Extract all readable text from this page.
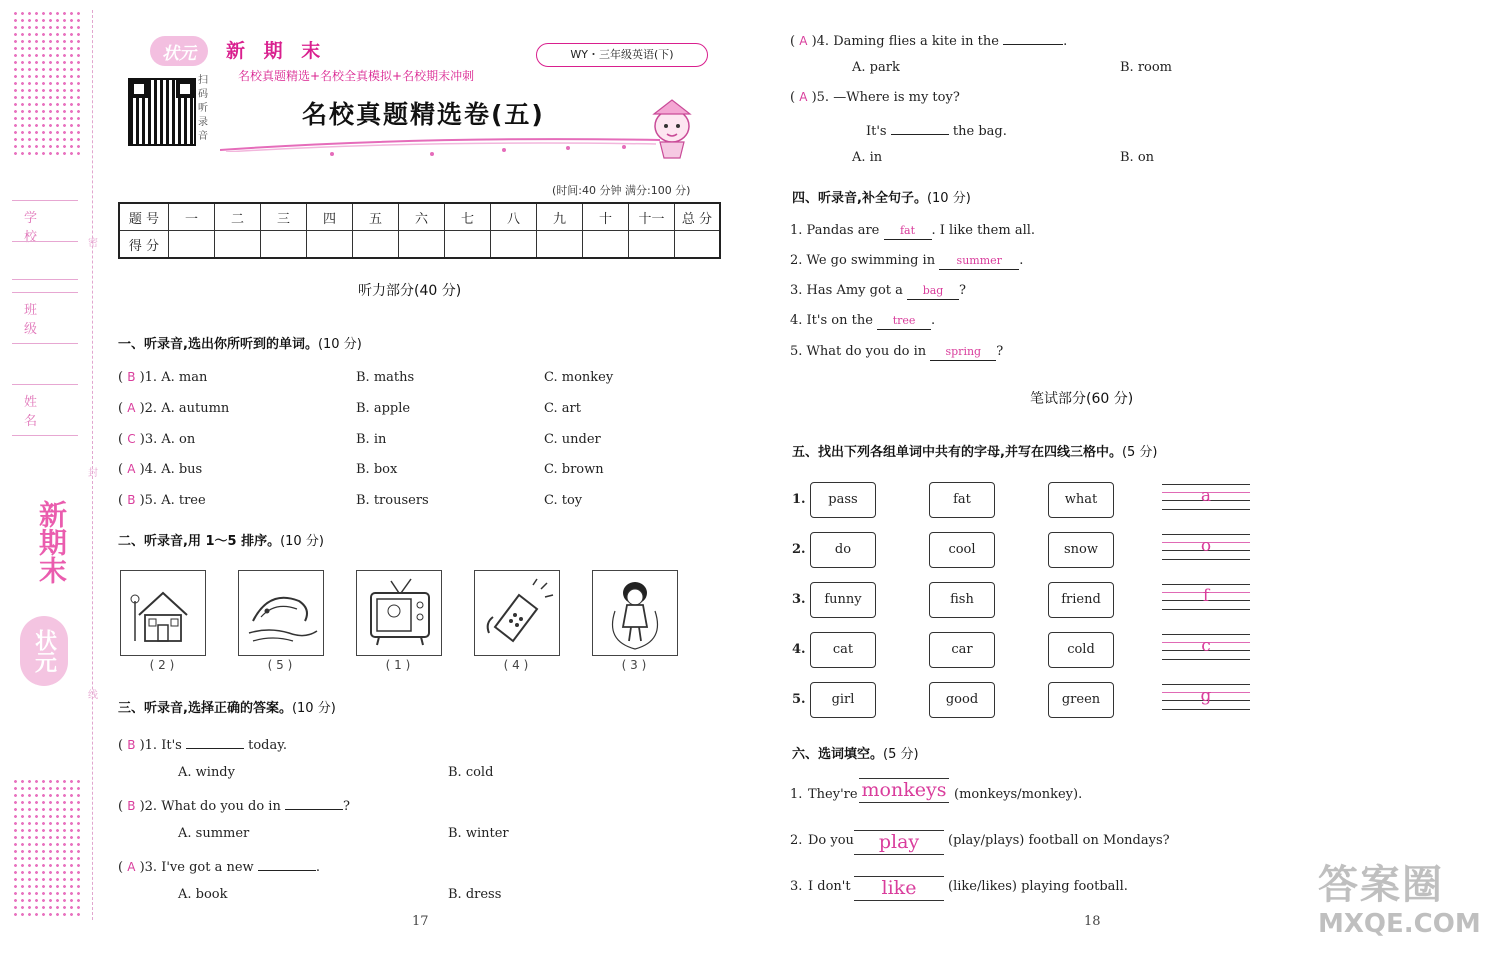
学 校
班 级
姓 名
密
封
线
新期末
状元
状元	新 期 末
扫码听录音
名校真题精选+名校全真模拟+名校期末冲刺
WY・三年级英语(下)
名校真题精选卷(五)
(时间:40 分钟 满分:100 分)
题 号	一	二	三	四	五	六	七	八	九	十	十一	总 分
得 分												
听力部分(40 分)
一、听录音,选出你所听到的单词。(10 分)
( B )1. A. man	B. maths	C. monkey
( A )2. A. autumn	B. apple	C. art
( C )3. A. on	B. in	C. under
( A )4. A. bus	B. box	C. brown
( B )5. A. tree	B. trousers	C. toy
二、听录音,用 1～5 排序。(10 分)
( 2 )	( 5 )	( 1 )	( 4 )	( 3 )
三、听录音,选择正确的答案。(10 分)
( B )1. It's	today.
A. windy	B. cold
( B )2. What do you do in	?
A. summer	B. winter
( A )3. I've got a new	.
A. book	B. dress
17
( A )4. Daming flies a kite in the	.
A. park	B. room
( A )5. —Where is my toy?
It's	the bag.
A. in	B. on
四、听录音,补全句子。(10 分)
1. Pandas are fat . I like them all.
2. We go swimming in summer .
3. Has Amy got a bag ?
4. It's on the tree .
5. What do you do in spring ?
笔试部分(60 分)
五、找出下列各组单词中共有的字母,并写在四线三格中。(5 分)
1.	pass	fat	what	a
2.	do	cool	snow	o
3.	funny	fish	friend	f
4.	cat	car	cold	c
5.	girl	good	green	g
六、选词填空。(5 分)
1. They're monkeys (monkeys/monkey).
2. Do you	play	(play/plays) football on Mondays?
3. I don't	like	(like/likes) playing football.
18
答案圈
MXQE.COM
